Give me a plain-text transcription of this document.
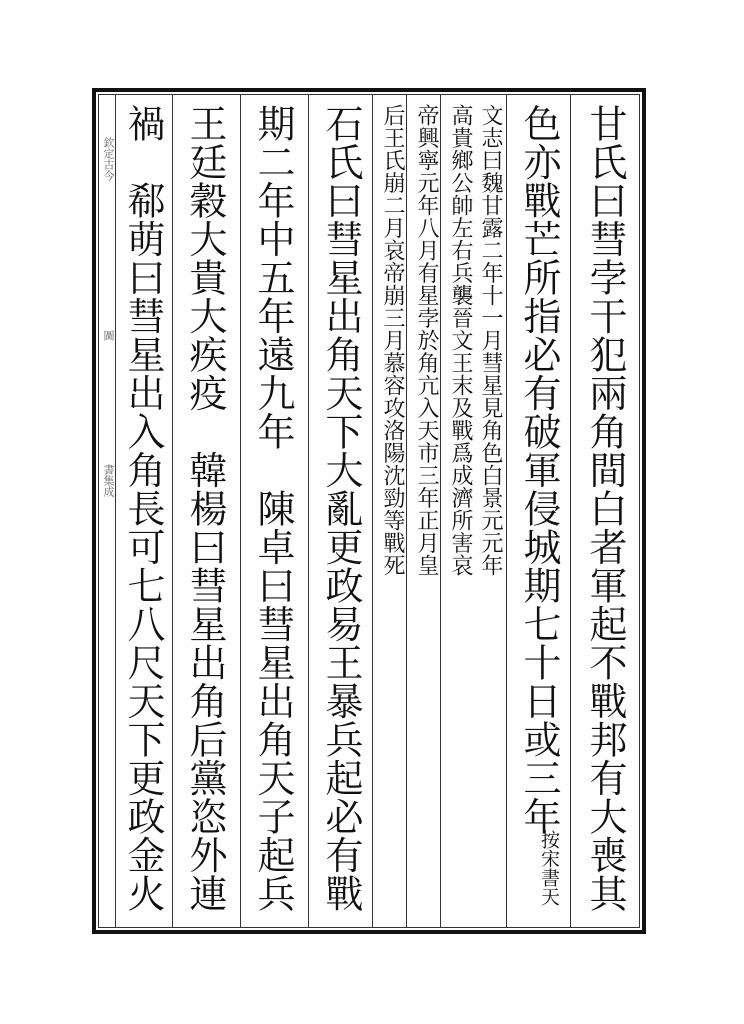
欽定古今
圖
書集成	甘氏曰彗孛干犯兩角間白者軍起不戰邦有大喪其
色亦戰芒所指必有破軍侵城期七十日或三年
文志曰魏甘露二年十一月彗星見角色白景元元年
高貴鄉公帥左右兵襲晉文王末及戰爲成濟所害哀
帝興寧元年八月有星孛於角亢入天市三年正月皇
后王氏崩二月哀帝崩三月慕容攻洛陽沈勁等戰死
石氏曰彗星出角天下大亂更政易王暴兵起必有戰
期二年中五年遠九年　陳卓曰彗星出角天子起兵
王廷穀大貴大疾疫　韓楊曰彗星出角后黨恣外連
禍　郗萌曰彗星出入角長可七八尺天下更政金火	按宋書天
